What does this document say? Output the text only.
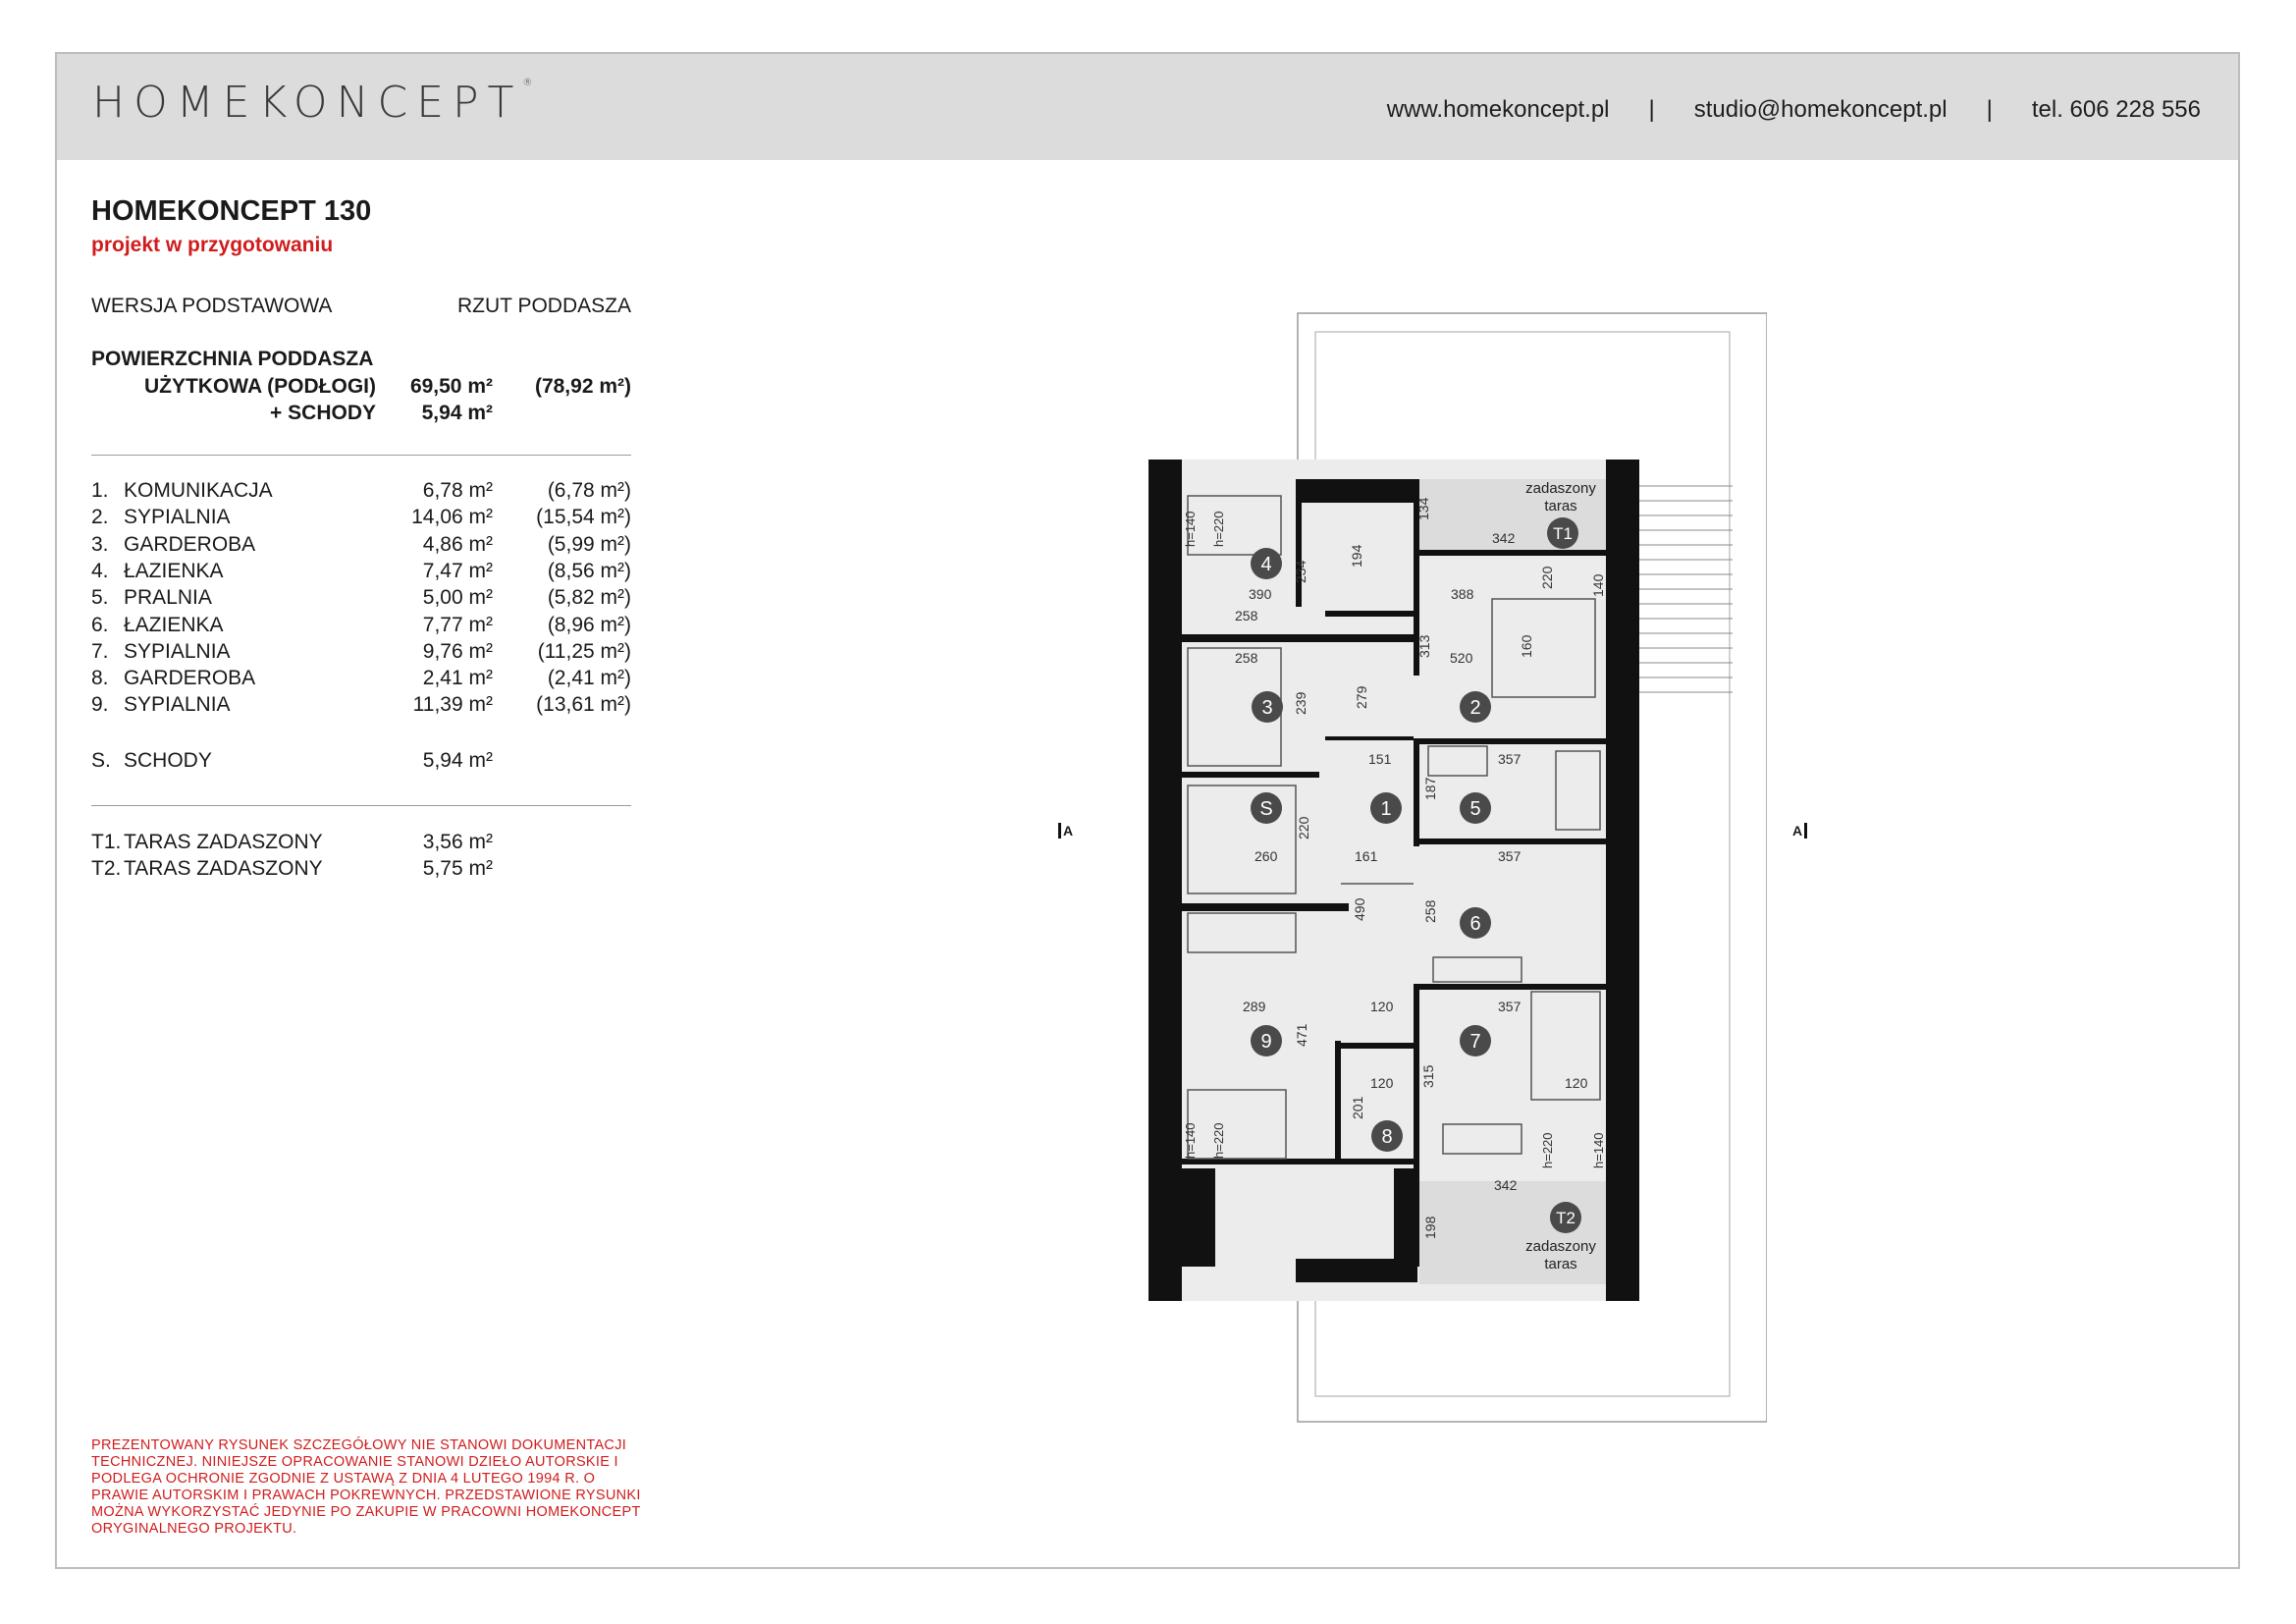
HOMEKONCEPT®
www.homekoncept.pl | studio@homekoncept.pl | tel. 606 228 556
HOMEKONCEPT 130
projekt w przygotowaniu
WERSJA PODSTAWOWA	RZUT PODDASZA
POWIERZCHNIA PODDASZA
UŻYTKOWA (PODŁOGI)	69,50 m²	(78,92 m²)
+ SCHODY	5,94 m²
1. KOMUNIKACJA	6,78 m²	(6,78 m²)
2. SYPIALNIA	14,06 m²	(15,54 m²)
3. GARDEROBA	4,86 m²	(5,99 m²)
4. ŁAZIENKA	7,47 m²	(8,56 m²)
5. PRALNIA	5,00 m²	(5,82 m²)
6. ŁAZIENKA	7,77 m²	(8,96 m²)
7. SYPIALNIA	9,76 m²	(11,25 m²)
8. GARDEROBA	2,41 m²	(2,41 m²)
9. SYPIALNIA	11,39 m²	(13,61 m²)
S. SCHODY	5,94 m²
T1. TARAS ZADASZONY	3,56 m²
T2. TARAS ZADASZONY	5,75 m²
PREZENTOWANY RYSUNEK SZCZEGÓŁOWY NIE STANOWI DOKUMENTACJI TECHNICZNEJ. NINIEJSZE OPRACOWANIE STANOWI DZIEŁO AUTORSKIE I PODLEGA OCHRONIE ZGODNIE Z USTAWĄ Z DNIA 4 LUTEGO 1994 R. O PRAWIE AUTORSKIM I PRAWACH POKREWNYCH. PRZEDSTAWIONE RYSUNKI MOŻNA WYKORZYSTAĆ JEDYNIE PO ZAKUPIE W PRACOWNI HOMEKONCEPT ORYGINALNEGO PROJEKTU.
A	A
1
2
3
4
5
6
7
8
9
S
T1
T2
zadaszony
taras
zadaszony
taras
134
342
220	140
194
234
390
258
388
313 520	160
258
239	279
151	357
187
161
260
220
357
258
490
120
289
471
357
315	120
201
120
342
198
h=140 h=220
h=140 h=220	h=220	h=140
